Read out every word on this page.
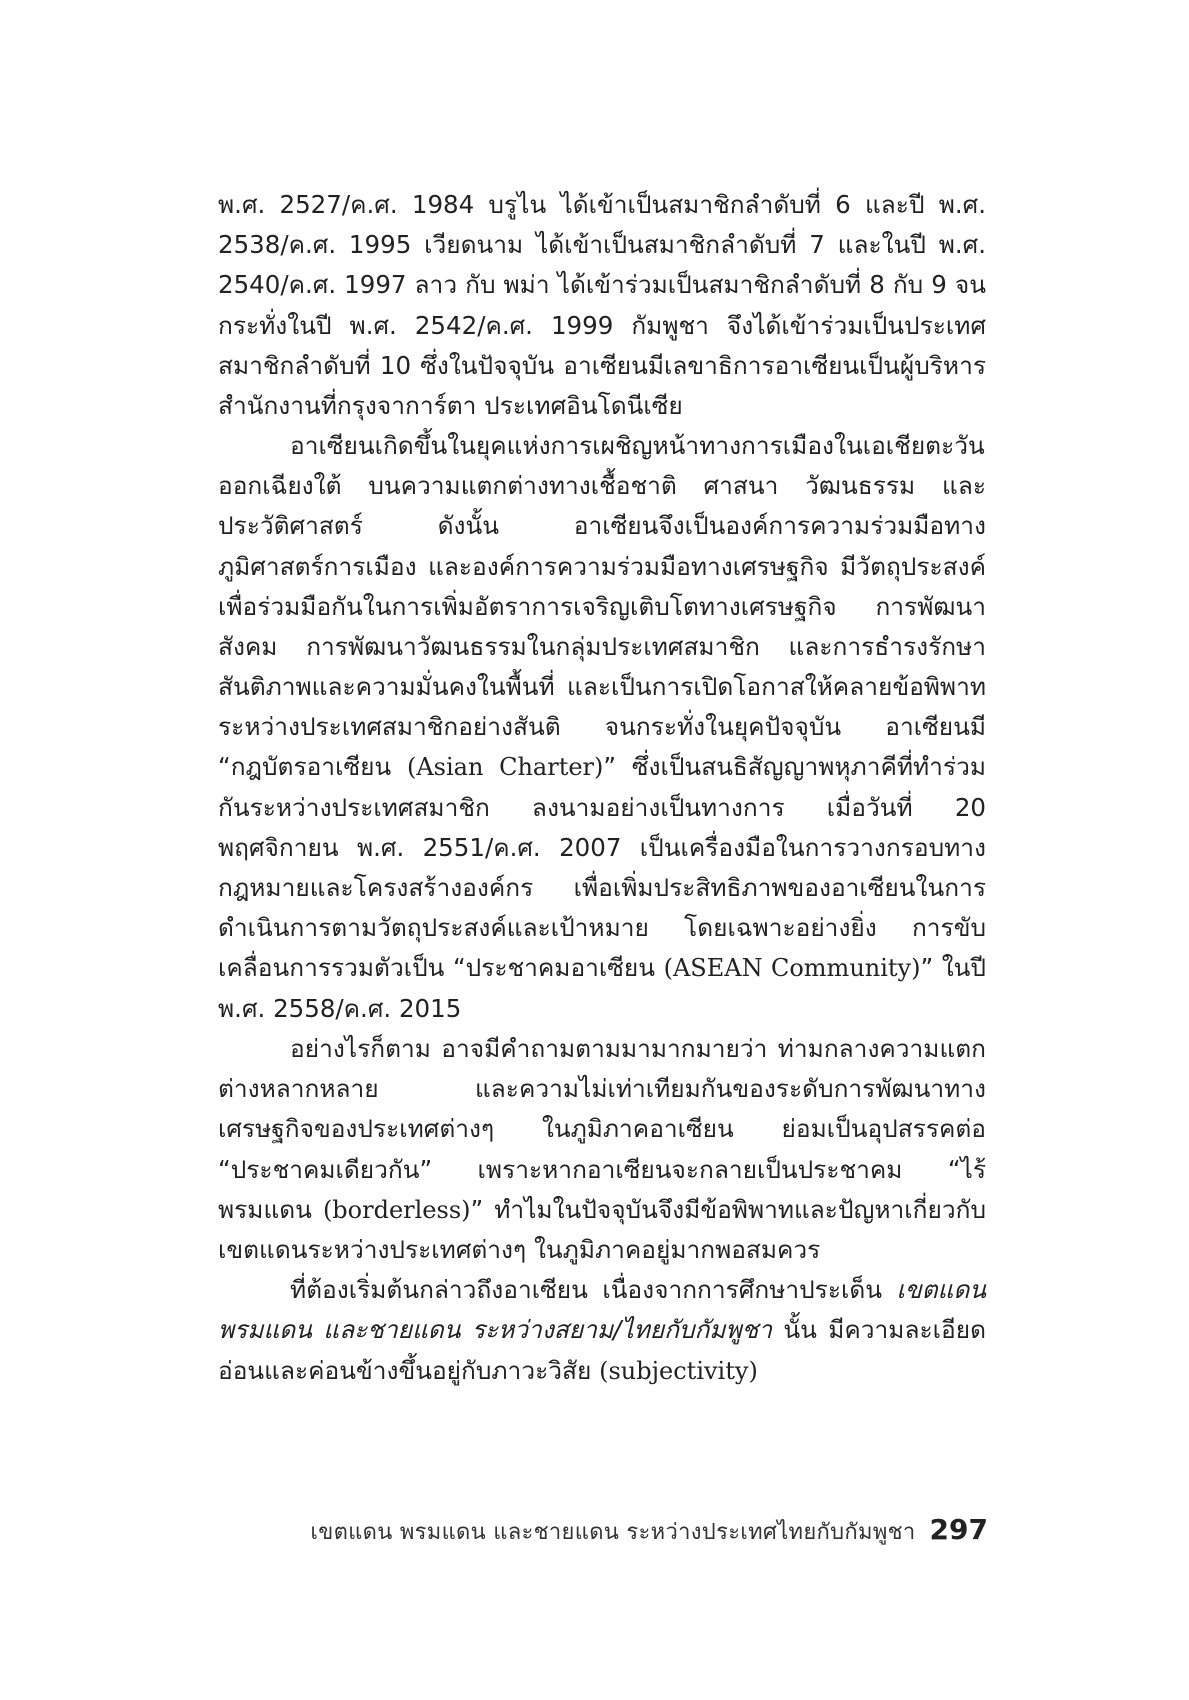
พ.ศ. 2527/ค.ศ. 1984 บรูไน ได้เข้าเป็นสมาชิกลำดับที่ 6 และปี พ.ศ. 2538/ค.ศ. 1995 เวียดนาม ได้เข้าเป็นสมาชิกลำดับที่ 7 และในปี พ.ศ. 2540/ค.ศ. 1997 ลาว กับ พม่า ได้เข้าร่วมเป็นสมาชิกลำดับที่ 8 กับ 9 จนกระทั่งในปี พ.ศ. 2542/ค.ศ. 1999 กัมพูชา จึงได้เข้าร่วมเป็นประเทศสมาชิกลำดับที่ 10 ซึ่งในปัจจุบัน อาเซียนมีเลขาธิการอาเซียนเป็นผู้บริหารสำนักงานที่กรุงจาการ์ตา ประเทศอินโดนีเซีย

อาเซียนเกิดขึ้นในยุคแห่งการเผชิญหน้าทางการเมืองในเอเชียตะวันออกเฉียงใต้ บนความแตกต่างทางเชื้อชาติ ศาสนา วัฒนธรรม และประวัติศาสตร์ ดังนั้น อาเซียนจึงเป็นองค์การความร่วมมือทางภูมิศาสตร์การเมือง และองค์การความร่วมมือทางเศรษฐกิจ มีวัตถุประสงค์เพื่อร่วมมือกันในการเพิ่มอัตราการเจริญเติบโตทางเศรษฐกิจ การพัฒนาสังคม การพัฒนาวัฒนธรรมในกลุ่มประเทศสมาชิก และการธำรงรักษาสันติภาพและความมั่นคงในพื้นที่ และเป็นการเปิดโอกาสให้คลายข้อพิพาทระหว่างประเทศสมาชิกอย่างสันติ จนกระทั่งในยุคปัจจุบัน อาเซียนมี “กฎบัตรอาเซียน (Asian Charter)” ซึ่งเป็นสนธิสัญญาพหุภาคีที่ทำร่วมกันระหว่างประเทศสมาชิก ลงนามอย่างเป็นทางการ เมื่อวันที่ 20 พฤศจิกายน พ.ศ. 2551/ค.ศ. 2007 เป็นเครื่องมือในการวางกรอบทางกฎหมายและโครงสร้างองค์กร เพื่อเพิ่มประสิทธิภาพของอาเซียนในการดำเนินการตามวัตถุประสงค์และเป้าหมาย โดยเฉพาะอย่างยิ่ง การขับเคลื่อนการรวมตัวเป็น “ประชาคมอาเซียน (ASEAN Community)” ในปี พ.ศ. 2558/ค.ศ. 2015

อย่างไรก็ตาม อาจมีคำถามตามมามากมายว่า ท่ามกลางความแตกต่างหลากหลาย และความไม่เท่าเทียมกันของระดับการพัฒนาทางเศรษฐกิจของประเทศต่างๆ ในภูมิภาคอาเซียน ย่อมเป็นอุปสรรคต่อ “ประชาคมเดียวกัน” เพราะหากอาเซียนจะกลายเป็นประชาคม “ไร้พรมแดน (borderless)” ทำไมในปัจจุบันจึงมีข้อพิพาทและปัญหาเกี่ยวกับเขตแดนระหว่างประเทศต่างๆ ในภูมิภาคอยู่มากพอสมควร

ที่ต้องเริ่มต้นกล่าวถึงอาเซียน เนื่องจากการศึกษาประเด็น เขตแดน พรมแดน และชายแดน ระหว่างสยาม/ไทยกับกัมพูชา นั้น มีความละเอียดอ่อนและค่อนข้างขึ้นอยู่กับภาวะวิสัย (subjectivity)

เขตแดน พรมแดน และชายแดน ระหว่างประเทศไทยกับกัมพูชา 297
